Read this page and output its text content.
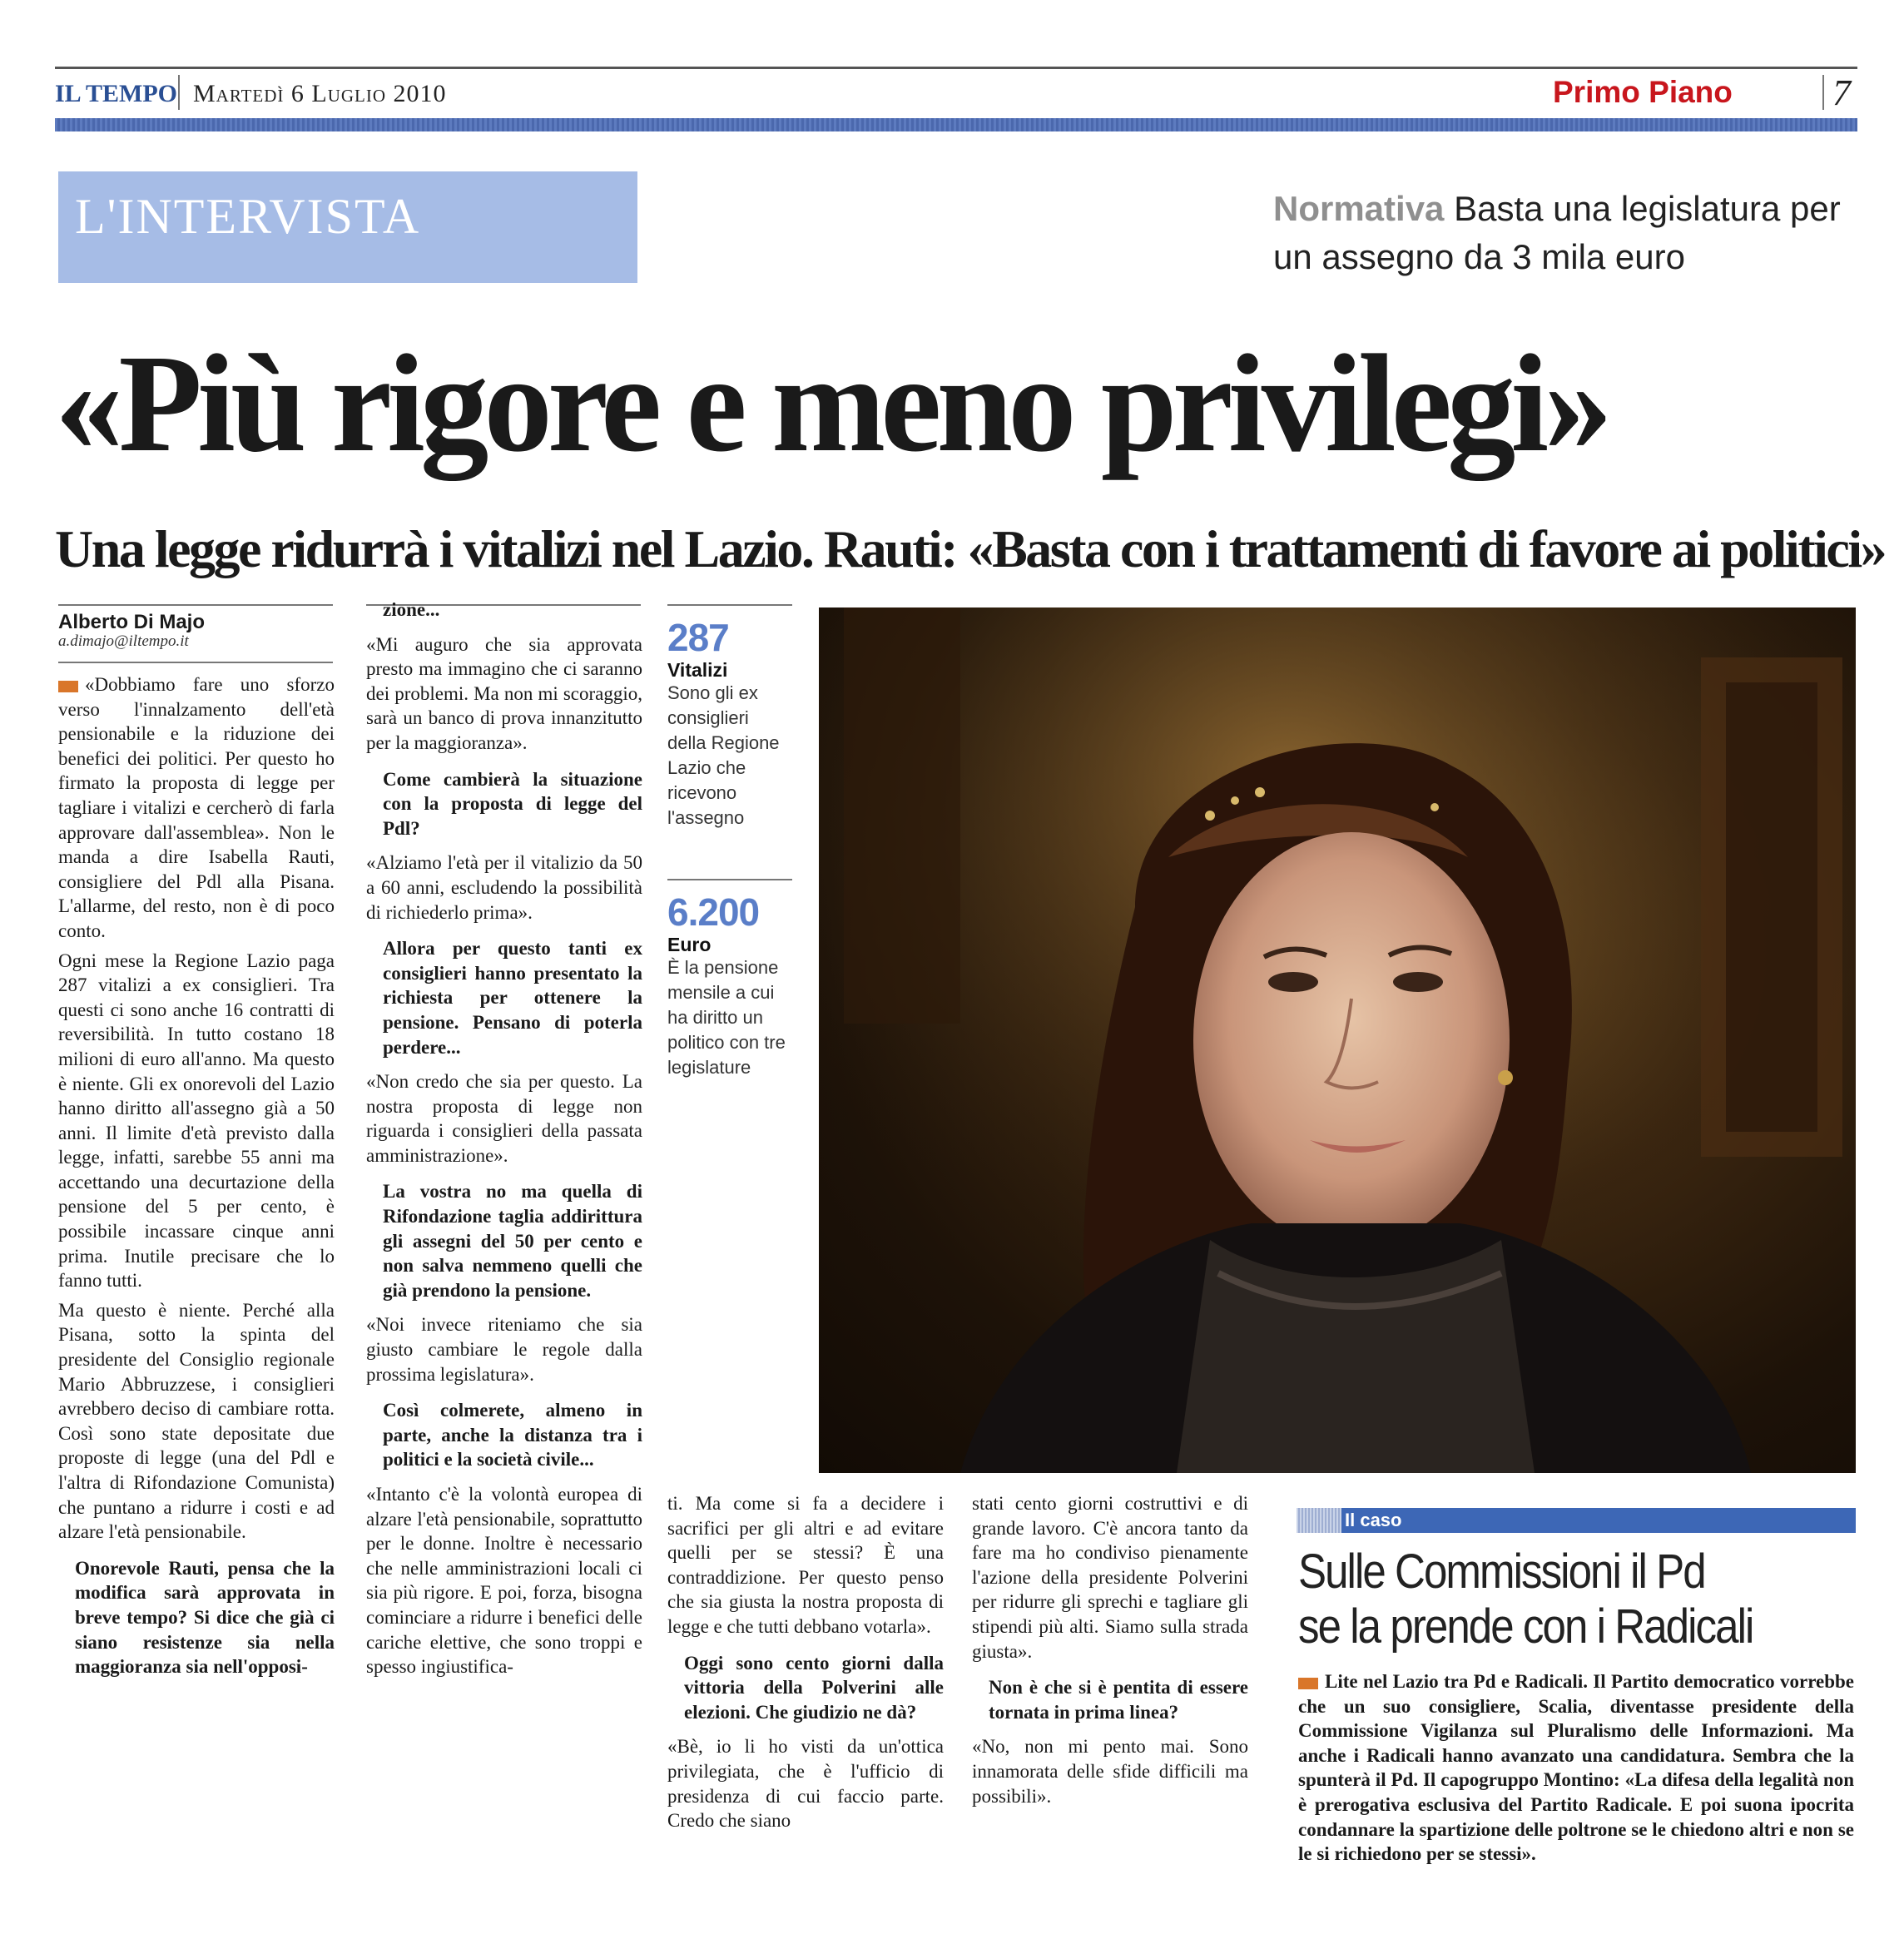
IL TEMPO Martedì 6 Luglio 2010	Primo Piano	7
L'INTERVISTA	Normativa Basta una legislatura per un assegno da 3 mila euro
«Più rigore e meno privilegi»
Una legge ridurrà i vitalizi nel Lazio. Rauti: «Basta con i trattamenti di favore ai politici»
Alberto Di Majo
a.dimajo@iltempo.it

«Dobbiamo fare uno sforzo verso l'innalzamento dell'età pensionabile e la riduzione dei benefici dei politici. Per questo ho firmato la proposta di legge per tagliare i vitalizi e cercherò di farla approvare dall'assemblea». Non le manda a dire Isabella Rauti, consigliere del Pdl alla Pisana. L'allarme, del resto, non è di poco conto.

Ogni mese la Regione Lazio paga 287 vitalizi a ex consiglieri. Tra questi ci sono anche 16 contratti di reversibilità. In tutto costano 18 milioni di euro all'anno. Ma questo è niente. Gli ex onorevoli del Lazio hanno diritto all'assegno già a 50 anni. Il limite d'età previsto dalla legge, infatti, sarebbe 55 anni ma accettando una decurtazione della pensione del 5 per cento, è possibile incassare cinque anni prima. Inutile precisare che lo fanno tutti.

Ma questo è niente. Perché alla Pisana, sotto la spinta del presidente del Consiglio regionale Mario Abbruzzese, i consiglieri avrebbero deciso di cambiare rotta. Così sono state depositate due proposte di legge (una del Pdl e l'altra di Rifondazione Comunista) che puntano a ridurre i costi e ad alzare l'età pensionabile.

Onorevole Rauti, pensa che la modifica sarà approvata in breve tempo? Si dice che già ci siano resistenze sia nella maggioranza sia nell'opposi-

zione...

«Mi auguro che sia approvata presto ma immagino che ci saranno dei problemi. Ma non mi scoraggio, sarà un banco di prova innanzitutto per la maggioranza».

Come cambierà la situazione con la proposta di legge del Pdl?

«Alziamo l'età per il vitalizio da 50 a 60 anni, escludendo la possibilità di richiederlo prima».

Allora per questo tanti ex consiglieri hanno presentato la richiesta per ottenere la pensione. Pensano di poterla perdere...

«Non credo che sia per questo. La nostra proposta di legge non riguarda i consiglieri della passata amministrazione».

La vostra no ma quella di Rifondazione taglia addirittura gli assegni del 50 per cento e non salva nemmeno quelli che già prendono la pensione.

«Noi invece riteniamo che sia giusto cambiare le regole dalla prossima legislatura».

Così colmerete, almeno in parte, anche la distanza tra i politici e la società civile...

«Intanto c'è la volontà europea di alzare l'età pensionabile, soprattutto per le donne. Inoltre è necessario che nelle amministrazioni locali ci sia più rigore. E poi, forza, bisogna cominciare a ridurre i benefici delle cariche elettive, che sono troppi e spesso ingiustifica-

287
Vitalizi
Sono gli ex consiglieri della Regione Lazio che ricevono l'assegno
6.200
Euro
È la pensione mensile a cui ha diritto un politico con tre legislature

ti. Ma come si fa a decidere i sacrifici per gli altri e ad evitare quelli per se stessi? È una contraddizione. Per questo penso che sia giusta la nostra proposta di legge e che tutti debbano votarla».

Oggi sono cento giorni dalla vittoria della Polverini alle elezioni. Che giudizio ne dà?

«Bè, io li ho visti da un'ottica privilegiata, che è l'ufficio di presidenza di cui faccio parte. Credo che siano

stati cento giorni costruttivi e di grande lavoro. C'è ancora tanto da fare ma ho condiviso pienamente l'azione della presidente Polverini per ridurre gli sprechi e tagliare gli stipendi più alti. Siamo sulla strada giusta».

Non è che si è pentita di essere tornata in prima linea?

«No, non mi pento mai. Sono innamorata delle sfide difficili ma possibili».

Il caso
Sulle Commissioni il Pd
se la prende con i Radicali
Lite nel Lazio tra Pd e Radicali. Il Partito democratico vorrebbe che un suo consigliere, Scalia, diventasse presidente della Commissione Vigilanza sul Pluralismo delle Informazioni. Ma anche i Radicali hanno avanzato una candidatura. Sembra che la spunterà il Pd. Il capogruppo Montino: «La difesa della legalità non è prerogativa esclusiva del Partito Radicale. E poi suona ipocrita condannare la spartizione delle poltrone se le chiedono altri e non se le si richiedono per se stessi».
